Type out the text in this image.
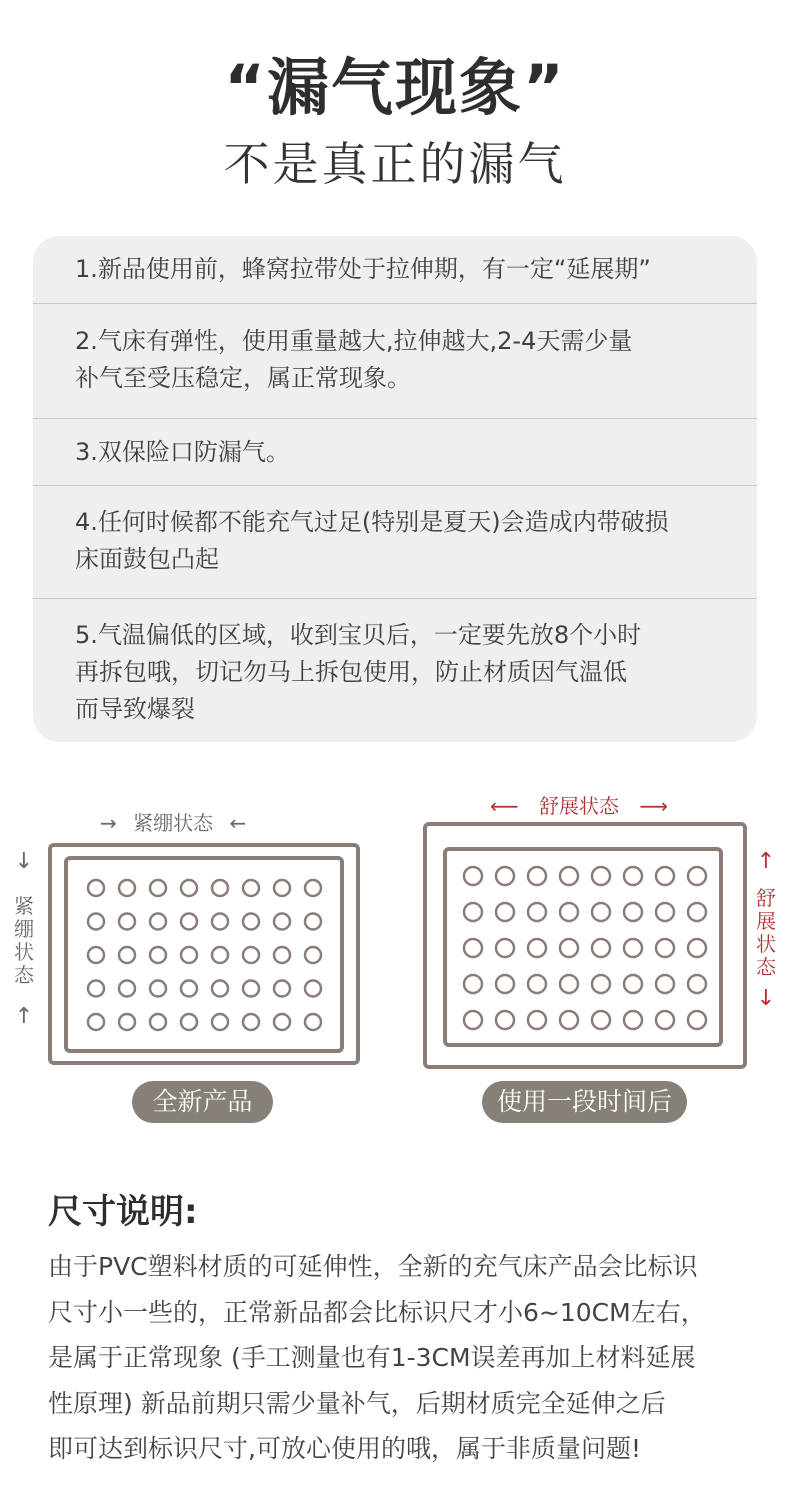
“漏气现象”
不是真正的漏气
1.新品使用前，蜂窝拉带处于拉伸期，有一定“延展期”
2.气床有弹性，使用重量越大,拉伸越大,2-4天需少量
补气至受压稳定，属正常现象。
3.双保险口防漏气。
4.任何时候都不能充气过足(特别是夏天)会造成内带破损
床面鼓包凸起
5.气温偏低的区域，收到宝贝后，一定要先放8个小时
再拆包哦，切记勿马上拆包使用，防止材质因气温低
而导致爆裂
→ 紧绷状态 ←
↓
紧绷状态
↑
⟵ 舒展状态 ⟶
↑
舒展状态
↓
全新产品	使用一段时间后
尺寸说明:
由于PVC塑料材质的可延伸性，全新的充气床产品会比标识
尺寸小一些的，正常新品都会比标识尺才小6~10CM左右，
是属于正常现象 (手工测量也有1-3CM误差再加上材料延展
性原理) 新品前期只需少量补气，后期材质完全延伸之后
即可达到标识尺寸,可放心使用的哦，属于非质量问题!
